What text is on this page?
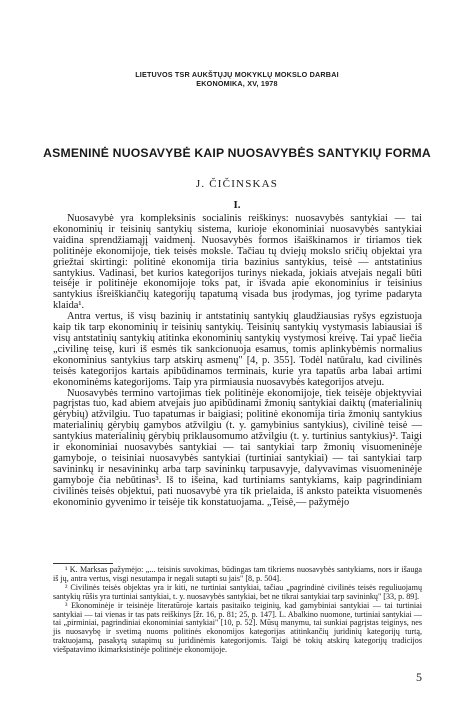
LIETUVOS TSR AUKŠTŲJŲ MOKYKLŲ MOKSLO DARBAI
EKONOMIKA, XV, 1978
ASMENINĖ NUOSAVYBĖ KAIP NUOSAVYBĖS SANTYKIŲ FORMA
J. ČIČINSKAS
I.

Nuosavybė yra kompleksinis socialinis reiškinys: nuosavybės santykiai — tai ekonominių ir teisinių santykių sistema, kurioje ekonominiai nuosavybės santykiai vaidina sprendžiamąjį vaidmenį. Nuosavybės formos išaiškinamos ir tiriamos tiek politinėje ekonomijoje, tiek teisės moksle. Tačiau tų dviejų mokslo sričių objektai yra griežtai skirtingi: politinė ekonomija tiria bazinius santykius, teisė — antstatinius santykius. Vadinasi, bet kurios kategorijos turinys niekada, jokiais atvejais negali būti teisėje ir politinėje ekonomijoje toks pat, ir išvada apie ekonominius ir teisinius santykius išreiškiančių kategorijų tapatumą visada bus įrodymas, jog tyrime padaryta klaida¹.

Antra vertus, iš visų bazinių ir antstatinių santykių glaudžiausias ryšys egzistuoja kaip tik tarp ekonominių ir teisinių santykių. Teisinių santykių vystymasis labiausiai iš visų antstatinių santykių atitinka ekonominių santykių vystymosi kreivę. Tai ypač liečia „civilinę teisę, kuri iš esmės tik sankcionuoja esamus, tomis aplinkybėmis normalius ekonominius santykius tarp atskirų asmenų" [4, p. 355]. Todėl natūralu, kad civilinės teisės kategorijos kartais apibūdinamos terminais, kurie yra tapatūs arba labai artimi ekonominėms kategorijoms. Taip yra pirmiausia nuosavybės kategorijos atveju.

Nuosavybės termino vartojimas tiek politinėje ekonomijoje, tiek teisėje objektyviai pagrįstas tuo, kad abiem atvejais juo apibūdinami žmonių santykiai daiktų (materialinių gėrybių) atžvilgiu. Tuo tapatumas ir baigiasi; politinė ekonomija tiria žmonių santykius materialinių gėrybių gamybos atžvilgiu (t. y. gamybinius santykius), civilinė teisė — santykius materialinių gėrybių priklausomumo atžvilgiu (t. y. turtinius santykius)². Taigi ir ekonominiai nuosavybės santykiai — tai santykiai tarp žmonių visuomeninėje gamyboje, o teisiniai nuosavybės santykiai (turtiniai santykiai) — tai santykiai tarp savininkų ir nesavininkų arba tarp savininkų tarpusavyje, dalyvavimas visuomeninėje gamyboje čia nebūtinas³. Iš to išeina, kad turtiniams santykiams, kaip pagrindiniam civilinės teisės objektui, pati nuosavybė yra tik prielaida, iš anksto pateikta visuomenės ekonominio gyvenimo ir teisėje tik konstatuojama. „Teisė,— pažymėjo

¹ K. Marksas pažymėjo: „... teisinis suvokimas, būdingas tam tikriems nuosavybės santykiams, nors ir išauga iš jų, antra vertus, visgi nesutampa ir negali sutapti su jais" [8, p. 504].

² Civilinės teisės objektas yra ir kiti, ne turtiniai santykiai, tačiau „pagrindinė civilinės teisės reguliuojamų santykių rūšis yra turtiniai santykiai, t. y. nuosavybės santykiai, bet ne tikrai santykiai tarp savininkų" [33, p. 89].

³ Ekonominėje ir teisinėje literatūroje kartais pasitaiko teiginių, kad gamybiniai santykiai — tai turtiniai santykiai — tai vienas ir tas pats reiškinys [žr. 16, p. 81; 25, p. 147]. L. Abalkino nuomone, turtiniai santykiai — tai „pirminiai, pagrindiniai ekonominiai santykiai" [10, p. 52]. Mūsų manymu, tai sunkiai pagrįstas teiginys, nes jis nuosavybę ir svetimą nuoms politinės ekonomijos kategorijas atitinkančių juridinių kategorijų turtą, traktuojamą, pasakytą sutapimų su juridinėmis kategorijomis. Taigi bė tokių atskirų kategorijų tradicijos viešpatavimo ikimarksistinėje politinėje ekonomijoje.

5
